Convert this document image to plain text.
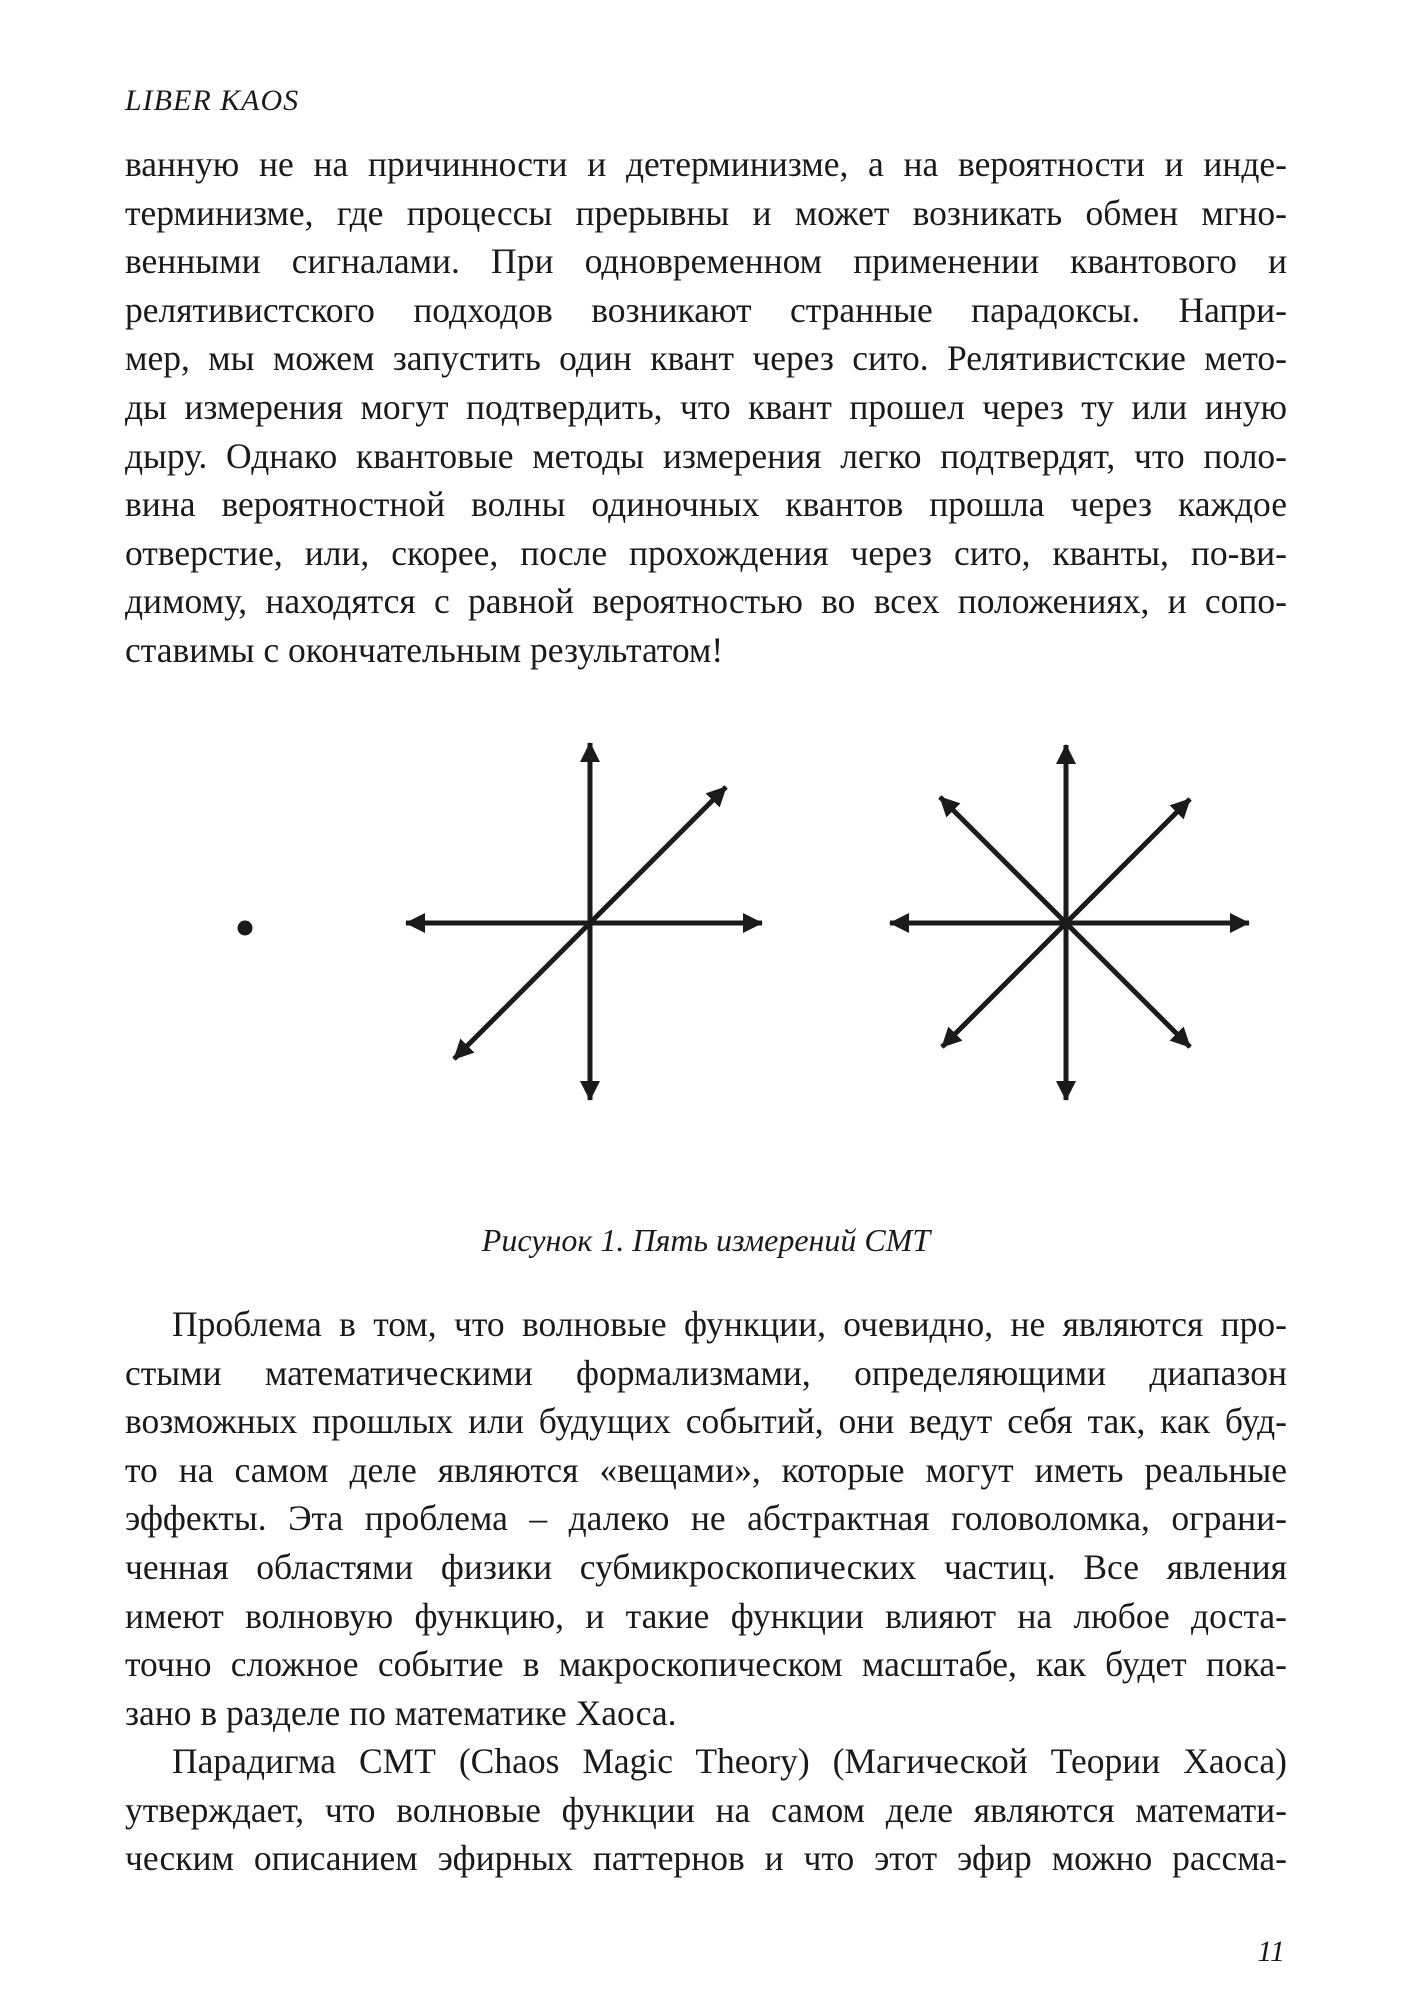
LIBER KAOS
ванную не на причинности и детерминизме, а на вероятности и инде-
терминизме, где процессы прерывны и может возникать обмен мгно-
венными сигналами. При одновременном применении квантового и
релятивистского подходов возникают странные парадоксы. Напри-
мер, мы можем запустить один квант через сито. Релятивистские мето-
ды измерения могут подтвердить, что квант прошел через ту или иную
дыру. Однако квантовые методы измерения легко подтвердят, что поло-
вина вероятностной волны одиночных квантов прошла через каждое
отверстие, или, скорее, после прохождения через сито, кванты, по-ви-
димому, находятся с равной вероятностью во всех положениях, и сопо-
ставимы с окончательным результатом!
Рисунок 1. Пять измерений СМТ
Проблема в том, что волновые функции, очевидно, не являются про-
стыми математическими формализмами, определяющими диапазон
возможных прошлых или будущих событий, они ведут себя так, как буд-
то на самом деле являются «вещами», которые могут иметь реальные
эффекты. Эта проблема – далеко не абстрактная головоломка, ограни-
ченная областями физики субмикроскопических частиц. Все явления
имеют волновую функцию, и такие функции влияют на любое доста-
точно сложное событие в макроскопическом масштабе, как будет пока-
зано в разделе по математике Хаоса.
Парадигма СМТ (Chaos Magic Theory) (Магической Теории Хаоса)
утверждает, что волновые функции на самом деле являются математи-
ческим описанием эфирных паттернов и что этот эфир можно рассма-
11
